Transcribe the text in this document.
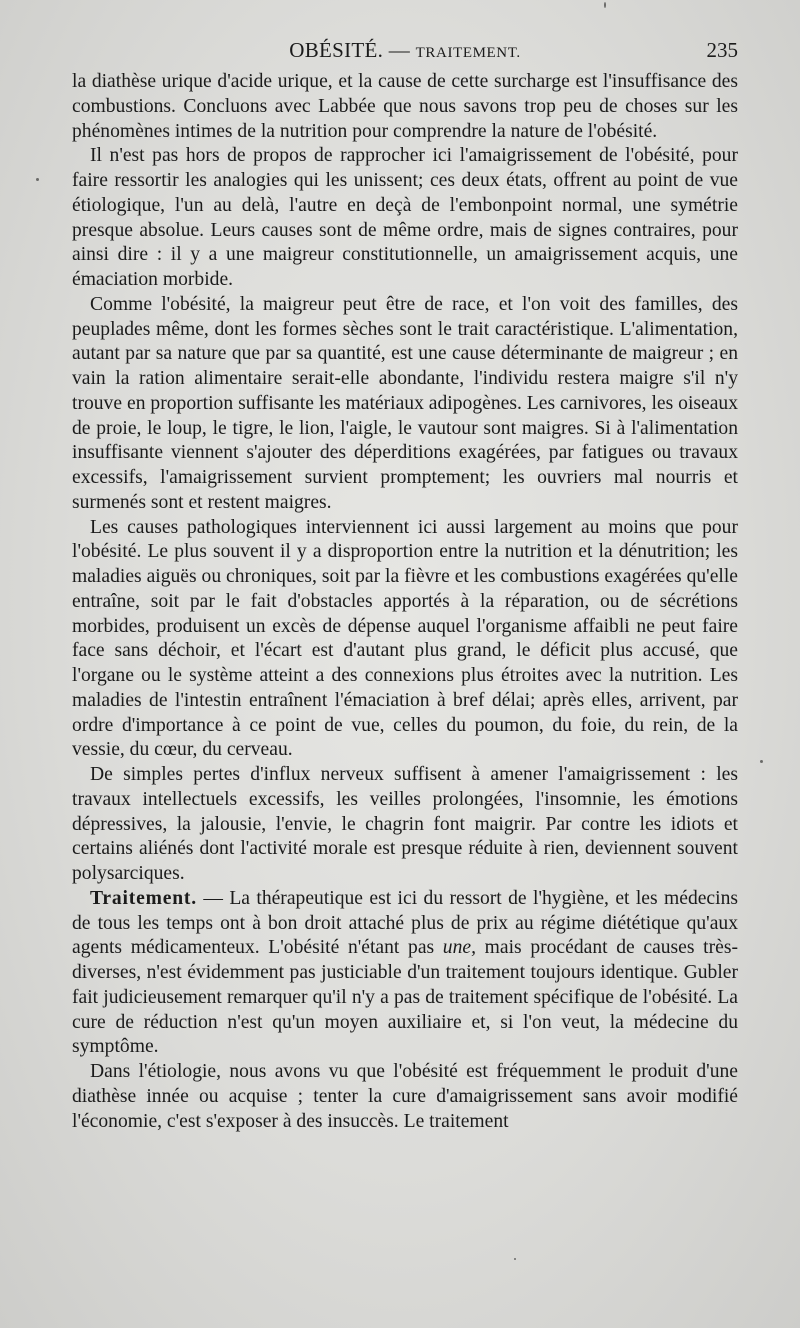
OBÉSITÉ. — TRAITEMENT.	235

la diathèse urique d'acide urique, et la cause de cette surcharge est l'insuffisance des combustions. Concluons avec Labbée que nous savons trop peu de choses sur les phénomènes intimes de la nutrition pour comprendre la nature de l'obésité.

Il n'est pas hors de propos de rapprocher ici l'amaigrissement de l'obésité, pour faire ressortir les analogies qui les unissent; ces deux états, offrent au point de vue étiologique, l'un au delà, l'autre en deçà de l'embonpoint normal, une symétrie presque absolue. Leurs causes sont de même ordre, mais de signes contraires, pour ainsi dire : il y a une maigreur constitutionnelle, un amaigrissement acquis, une émaciation morbide.

Comme l'obésité, la maigreur peut être de race, et l'on voit des familles, des peuplades même, dont les formes sèches sont le trait caractéristique. L'alimentation, autant par sa nature que par sa quantité, est une cause déterminante de maigreur ; en vain la ration alimentaire serait-elle abondante, l'individu restera maigre s'il n'y trouve en proportion suffisante les matériaux adipogènes. Les carnivores, les oiseaux de proie, le loup, le tigre, le lion, l'aigle, le vautour sont maigres. Si à l'alimentation insuffisante viennent s'ajouter des déperditions exagérées, par fatigues ou travaux excessifs, l'amaigrissement survient promptement; les ouvriers mal nourris et surmenés sont et restent maigres.

Les causes pathologiques interviennent ici aussi largement au moins que pour l'obésité. Le plus souvent il y a disproportion entre la nutrition et la dénutrition; les maladies aiguës ou chroniques, soit par la fièvre et les combustions exagérées qu'elle entraîne, soit par le fait d'obstacles apportés à la réparation, ou de sécrétions morbides, produisent un excès de dépense auquel l'organisme affaibli ne peut faire face sans déchoir, et l'écart est d'autant plus grand, le déficit plus accusé, que l'organe ou le système atteint a des connexions plus étroites avec la nutrition. Les maladies de l'intestin entraînent l'émaciation à bref délai; après elles, arrivent, par ordre d'importance à ce point de vue, celles du poumon, du foie, du rein, de la vessie, du cœur, du cerveau.

De simples pertes d'influx nerveux suffisent à amener l'amaigrissement : les travaux intellectuels excessifs, les veilles prolongées, l'insomnie, les émotions dépressives, la jalousie, l'envie, le chagrin font maigrir. Par contre les idiots et certains aliénés dont l'activité morale est presque réduite à rien, deviennent souvent polysarciques.

Traitement. — La thérapeutique est ici du ressort de l'hygiène, et les médecins de tous les temps ont à bon droit attaché plus de prix au régime diététique qu'aux agents médicamenteux. L'obésité n'étant pas une, mais procédant de causes très-diverses, n'est évidemment pas justiciable d'un traitement toujours identique. Gubler fait judicieusement remarquer qu'il n'y a pas de traitement spécifique de l'obésité. La cure de réduction n'est qu'un moyen auxiliaire et, si l'on veut, la médecine du symptôme.

Dans l'étiologie, nous avons vu que l'obésité est fréquemment le produit d'une diathèse innée ou acquise ; tenter la cure d'amaigrissement sans avoir modifié l'économie, c'est s'exposer à des insuccès. Le traitement
